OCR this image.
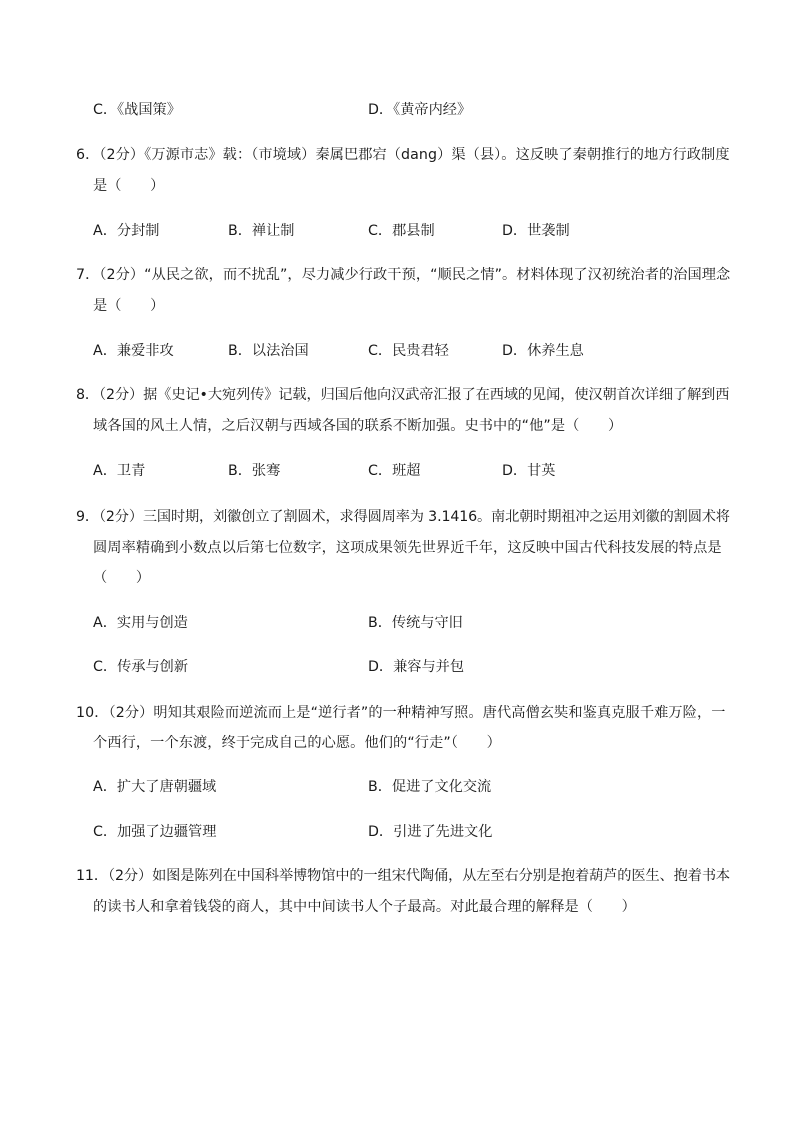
C．《战国策》	D．《黄帝内经》
6．（2分）《万源市志》载：（市境域）秦属巴郡宕（dang）渠（县）。这反映了秦朝推行的地方行政制度
是（　　）
A．分封制	B．禅让制	C．郡县制	D．世袭制
7．（2分）“从民之欲，而不扰乱”，尽力减少行政干预，“顺民之情”。材料体现了汉初统治者的治国理念
是（　　）
A．兼爱非攻	B．以法治国	C．民贵君轻	D．休养生息
8．（2分）据《史记•大宛列传》记载，归国后他向汉武帝汇报了在西域的见闻，使汉朝首次详细了解到西
域各国的风土人情，之后汉朝与西域各国的联系不断加强。史书中的“他”是（　　）
A．卫青	B．张骞	C．班超	D．甘英
9．（2分）三国时期，刘徽创立了割圆术，求得圆周率为 3.1416。南北朝时期祖冲之运用刘徽的割圆术将
圆周率精确到小数点以后第七位数字，这项成果领先世界近千年，这反映中国古代科技发展的特点是
（　　）
A．实用与创造	B．传统与守旧
C．传承与创新	D．兼容与并包
10．（2分）明知其艰险而逆流而上是“逆行者”的一种精神写照。唐代高僧玄奘和鉴真克服千难万险，一
个西行，一个东渡，终于完成自己的心愿。他们的“行走”（　　）
A．扩大了唐朝疆域	B．促进了文化交流
C．加强了边疆管理	D．引进了先进文化
11．（2分）如图是陈列在中国科举博物馆中的一组宋代陶俑，从左至右分别是抱着葫芦的医生、抱着书本
的读书人和拿着钱袋的商人，其中中间读书人个子最高。对此最合理的解释是（　　）
